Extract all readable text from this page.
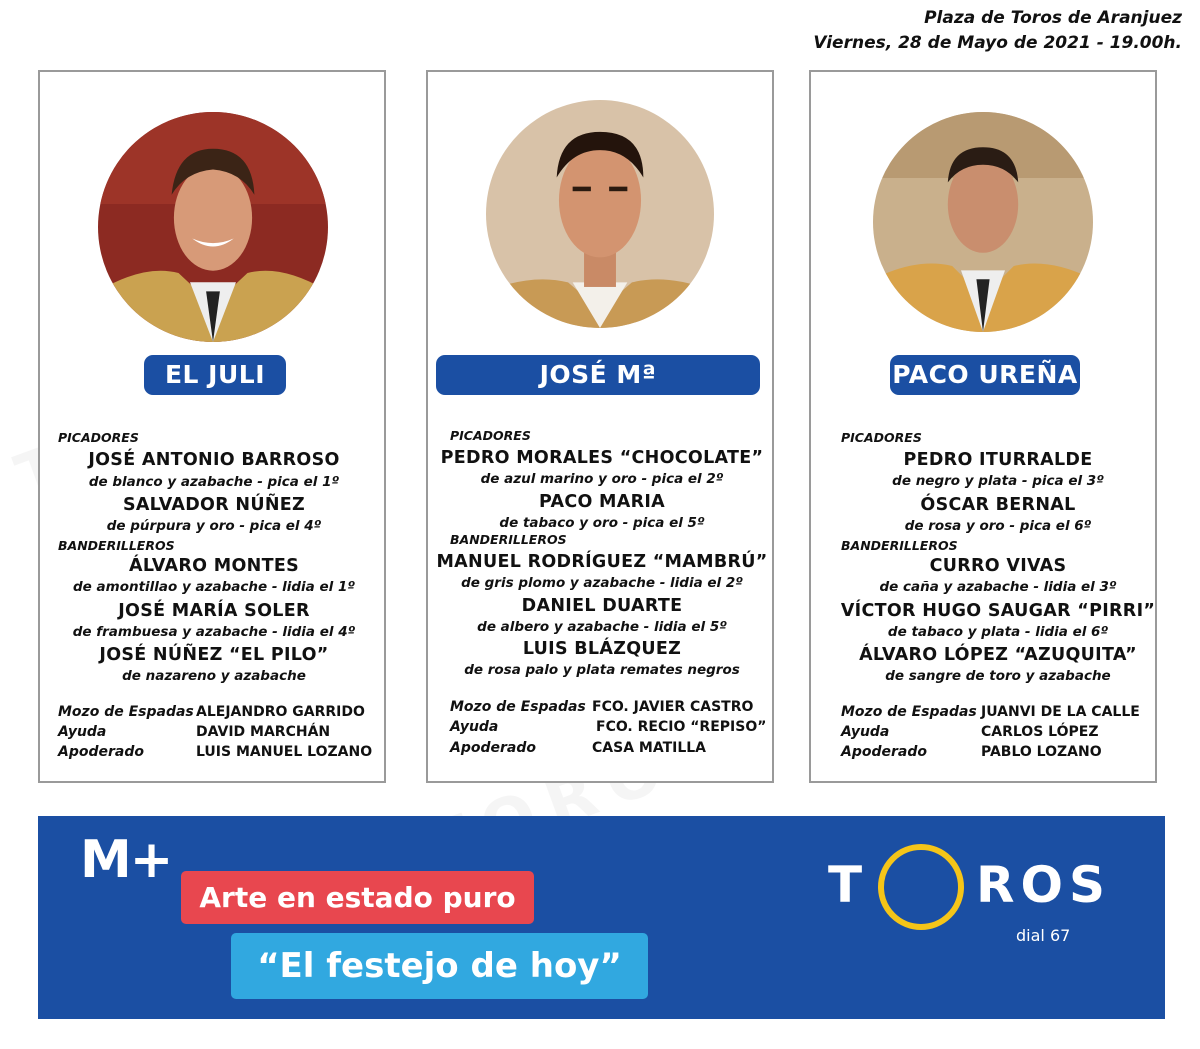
Plaza de Toros de Aranjuez
Viernes, 28 de Mayo de 2021 - 19.00h.
EL JULI
PICADORES
JOSÉ ANTONIO BARROSO
de blanco y azabache - pica el 1º
SALVADOR NÚÑEZ
de púrpura y oro - pica el 4º
BANDERILLEROS
ÁLVARO MONTES
de amontillao y azabache - lidia el 1º
JOSÉ MARÍA SOLER
de frambuesa y azabache - lidia el 4º
JOSÉ NÚÑEZ “EL PILO”
de nazareno y azabache
Mozo de Espadas ALEJANDRO GARRIDO
Ayuda	DAVID MARCHÁN
Apoderado	LUIS MANUEL LOZANO
JOSÉ Mª MANZANARES
PICADORES
PEDRO MORALES “CHOCOLATE”
de azul marino y oro - pica el 2º
PACO MARIA
de tabaco y oro - pica el 5º
BANDERILLEROS
MANUEL RODRÍGUEZ “MAMBRÚ”
de gris plomo y azabache - lidia el 2º
DANIEL DUARTE
de albero y azabache - lidia el 5º
LUIS BLÁZQUEZ
de rosa palo y plata remates negros
Mozo de Espadas FCO. JAVIER CASTRO
Ayuda	FCO. RECIO “REPISO”
Apoderado	CASA MATILLA
PACO UREÑA
PICADORES
PEDRO ITURRALDE
de negro y plata - pica el 3º
ÓSCAR BERNAL
de rosa y oro - pica el 6º
BANDERILLEROS
CURRO VIVAS
de caña y azabache - lidia el 3º
VÍCTOR HUGO SAUGAR “PIRRI”
de tabaco y plata - lidia el 6º
ÁLVARO LÓPEZ “AZUQUITA”
de sangre de toro y azabache
Mozo de Espadas JUANVI DE LA CALLE
Ayuda	CARLOS LÓPEZ
Apoderado	PABLO LOZANO
M+
Arte en estado puro
“El festejo de hoy”
T ROS
dial 67
